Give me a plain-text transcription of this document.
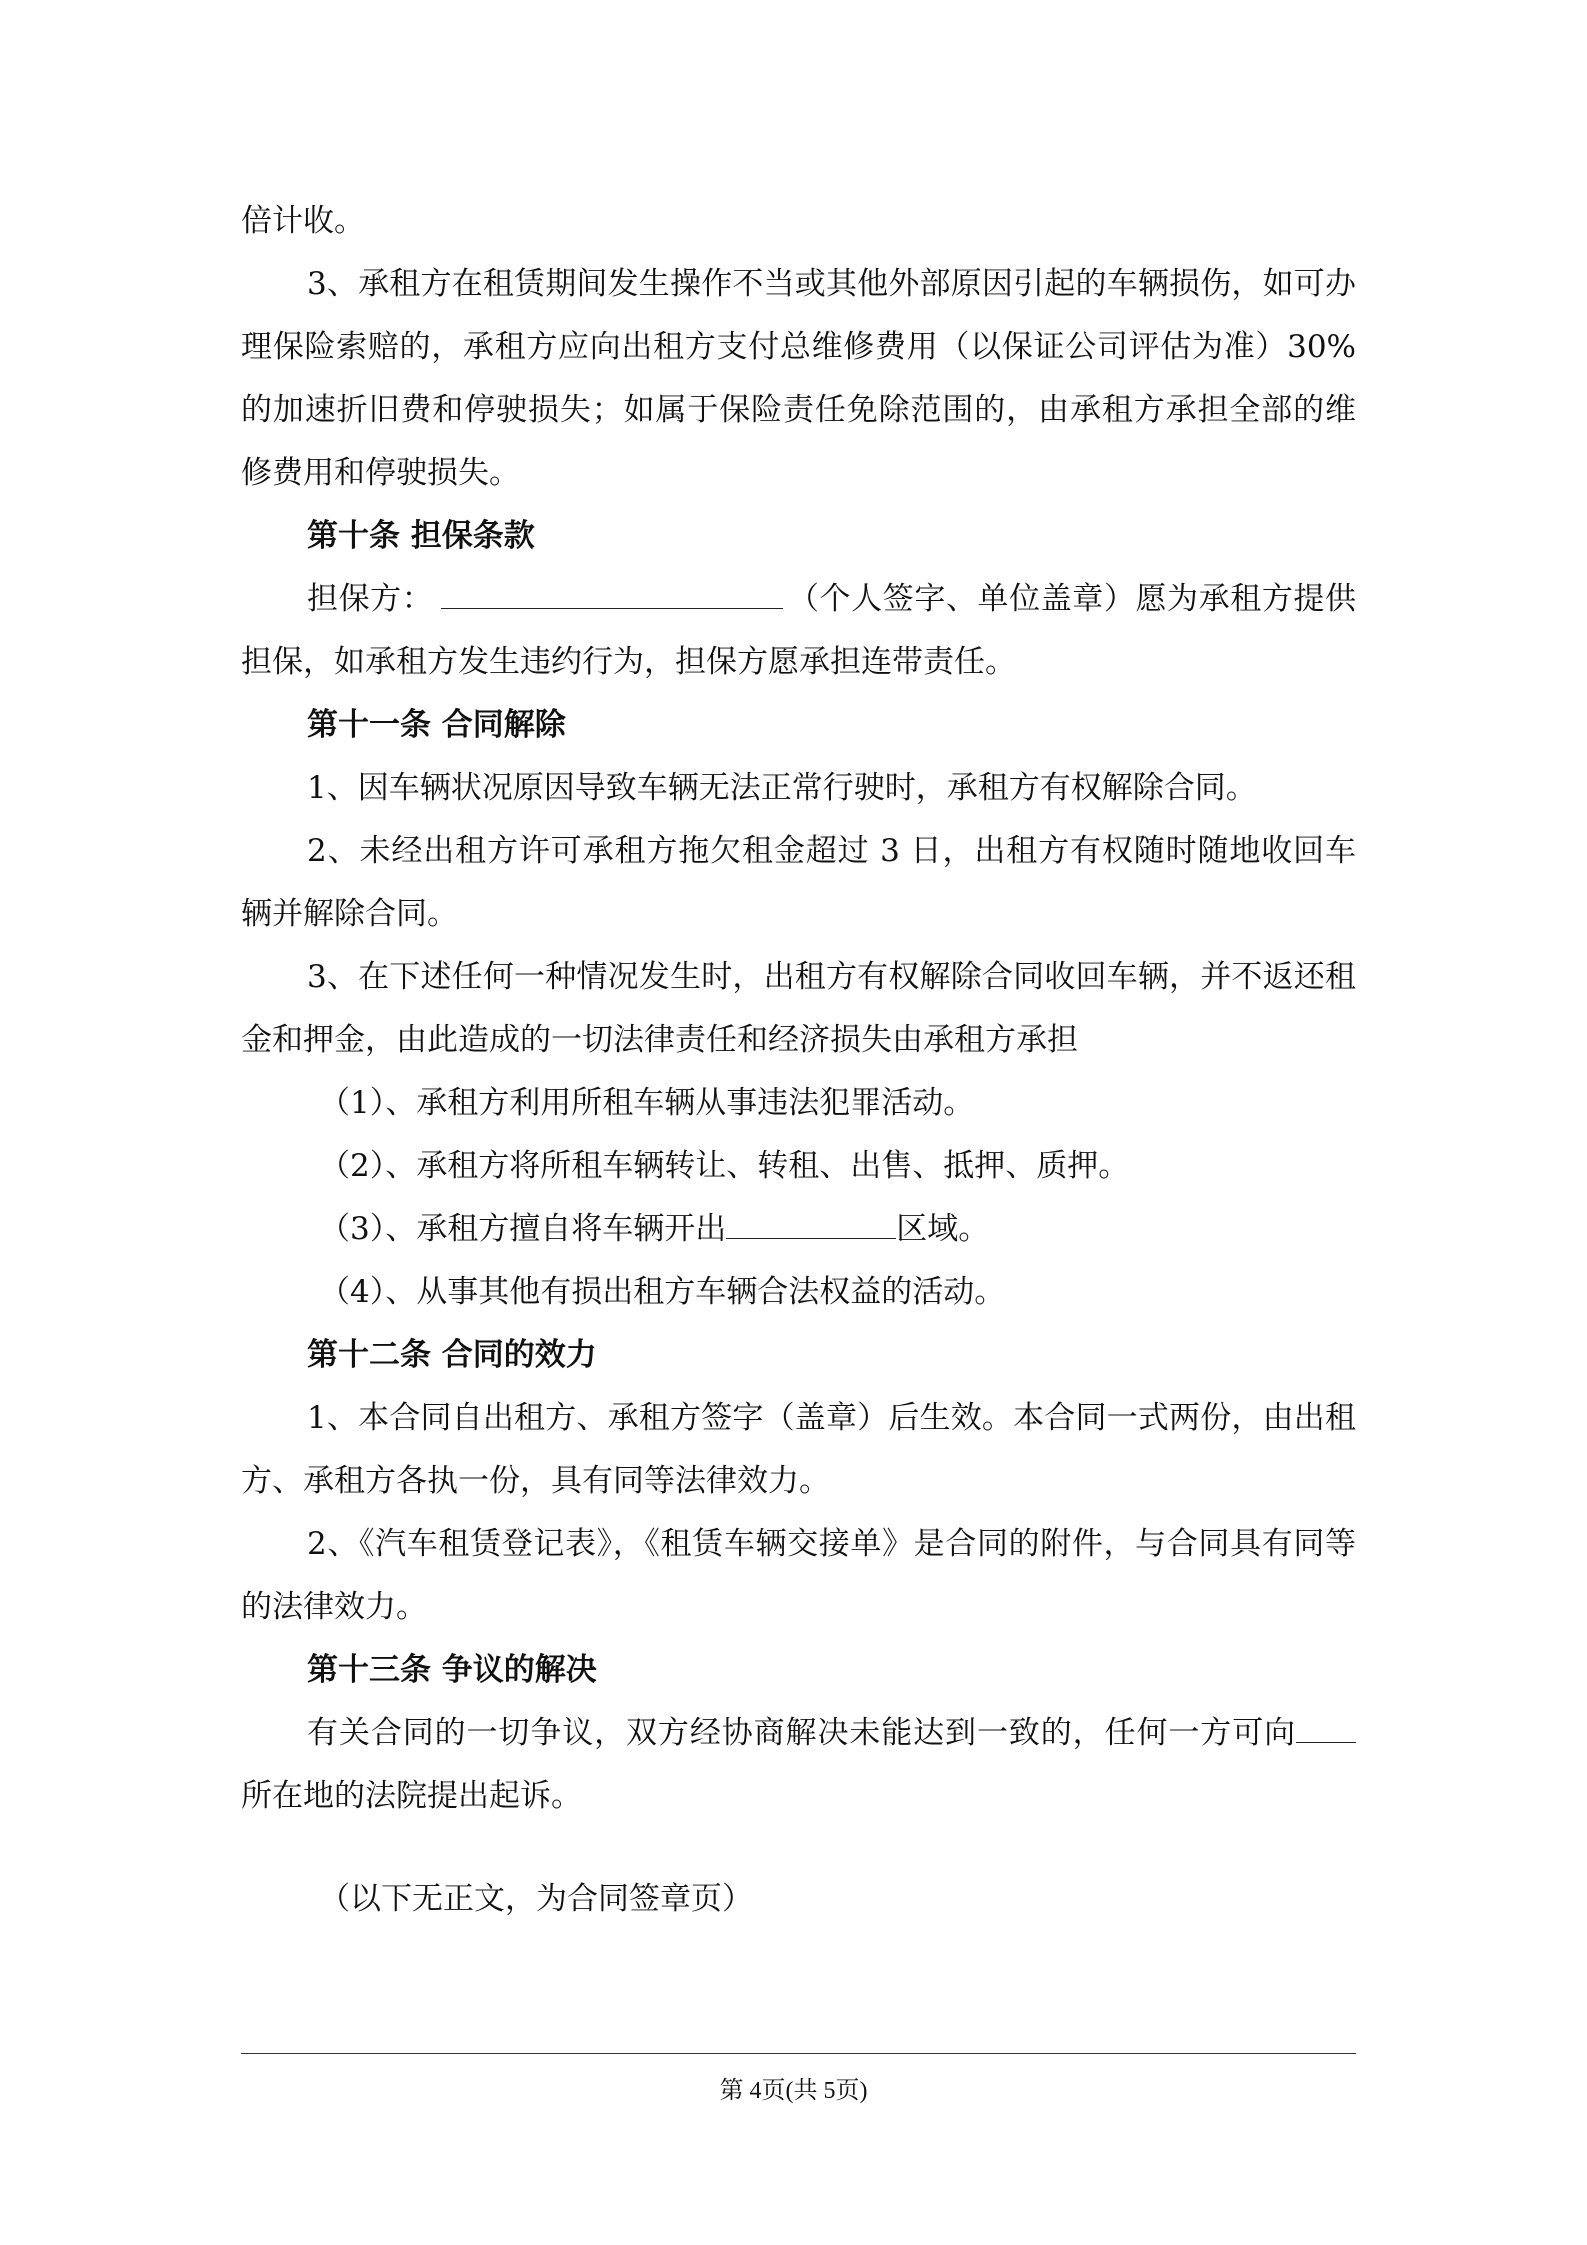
倍计收。

3、承租方在租赁期间发生操作不当或其他外部原因引起的车辆损伤，如可办理保险索赔的，承租方应向出租方支付总维修费用（以保证公司评估为准）30%的加速折旧费和停驶损失；如属于保险责任免除范围的，由承租方承担全部的维修费用和停驶损失。

第十条 担保条款

担保方：	（个人签字、单位盖章）愿为承租方提供担保，如承租方发生违约行为，担保方愿承担连带责任。

第十一条 合同解除

1、因车辆状况原因导致车辆无法正常行驶时，承租方有权解除合同。

2、未经出租方许可承租方拖欠租金超过 3 日，出租方有权随时随地收回车辆并解除合同。

3、在下述任何一种情况发生时，出租方有权解除合同收回车辆，并不返还租金和押金，由此造成的一切法律责任和经济损失由承租方承担

（1）、承租方利用所租车辆从事违法犯罪活动。

（2）、承租方将所租车辆转让、转租、出售、抵押、质押。

（3）、承租方擅自将车辆开出	区域。

（4）、从事其他有损出租方车辆合法权益的活动。

第十二条 合同的效力

1、本合同自出租方、承租方签字（盖章）后生效。本合同一式两份，由出租方、承租方各执一份，具有同等法律效力。

2、《汽车租赁登记表》，《租赁车辆交接单》是合同的附件，与合同具有同等的法律效力。

第十三条 争议的解决

有关合同的一切争议，双方经协商解决未能达到一致的，任何一方可向所在地的法院提出起诉。

（以下无正文，为合同签章页）

第 4页(共 5页)
